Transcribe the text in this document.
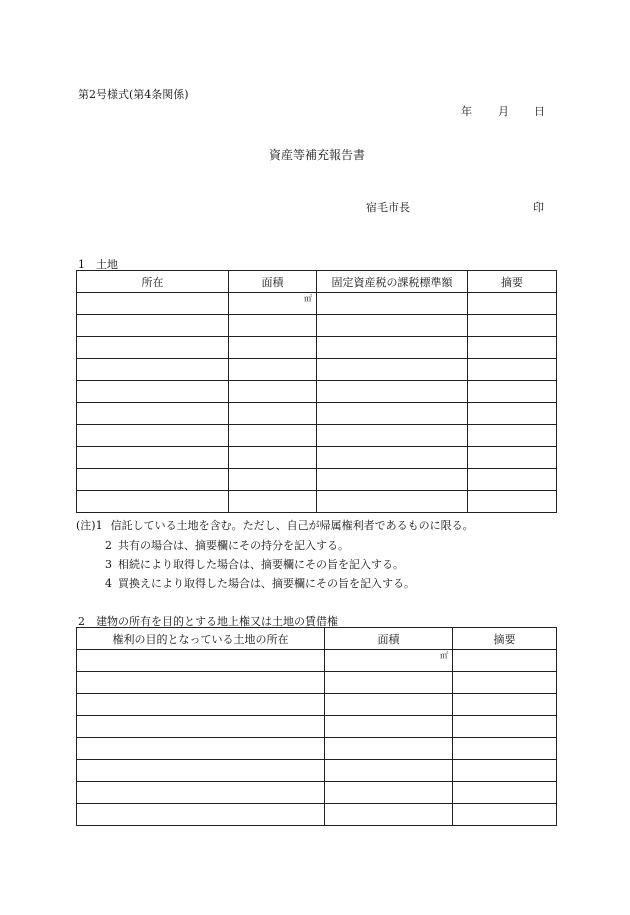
第2号様式(第4条関係)
年 月 日
資産等補充報告書
宿毛市長	印
1　土地
所在	面積	固定資産税の課税標準額	摘要
	㎡		

(注)1 信託している土地を含む。ただし、自己が帰属権利者であるものに限る。
2 共有の場合は、摘要欄にその持分を記入する。
3 相続により取得した場合は、摘要欄にその旨を記入する。
4 買換えにより取得した場合は、摘要欄にその旨を記入する。
2　建物の所有を目的とする地上権又は土地の賃借権
権利の目的となっている土地の所在	面積	摘要
	㎡	
